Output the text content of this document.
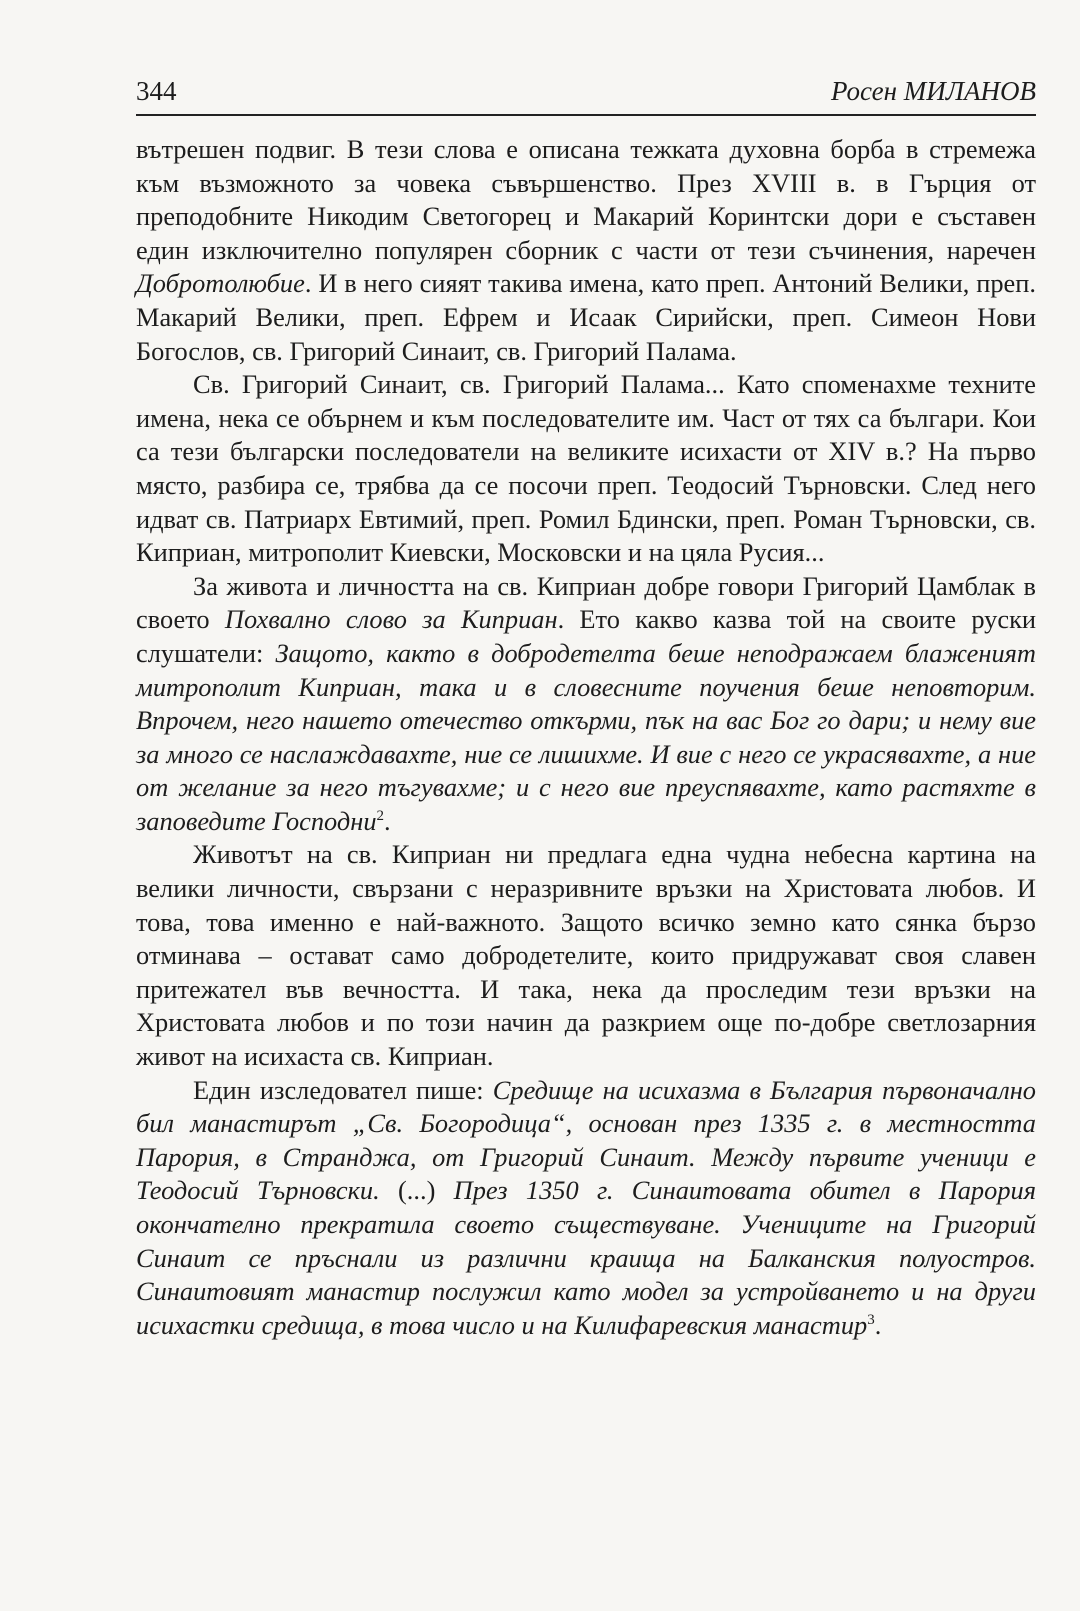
344	Росен МИЛАНОВ

вътрешен подвиг. В тези слова е описана тежката духовна борба в стремежа към възможното за човека съвършенство. През XVIII в. в Гърция от преподобните Никодим Светогорец и Макарий Коринтски дори е съставен един изключително популярен сборник с части от тези съчинения, наречен Добротолюбие. И в него сияят такива имена, като преп. Антоний Велики, преп. Макарий Велики, преп. Ефрем и Исаак Сирийски, преп. Симеон Нови Богослов, св. Григорий Синаит, св. Григорий Палама.

Св. Григорий Синаит, св. Григорий Палама... Като споменахме техните имена, нека се обърнем и към последователите им. Част от тях са българи. Кои са тези български последователи на великите исихасти от XIV в.? На първо място, разбира се, трябва да се посочи преп. Теодосий Търновски. След него идват св. Патриарх Евтимий, преп. Ромил Бдински, преп. Роман Търновски, св. Киприан, митрополит Киевски, Московски и на цяла Русия...

За живота и личността на св. Киприан добре говори Григорий Цамблак в своето Похвално слово за Киприан. Ето какво казва той на своите руски слушатели: Защото, както в добродетелта беше неподражаем блаженият митрополит Киприан, така и в словесните поучения беше неповторим. Впрочем, него нашето отечество откърми, пък на вас Бог го дари; и нему вие за много се наслаждавахте, ние се лишихме. И вие с него се украсявахте, а ние от желание за него тъгувахме; и с него вие преуспявахте, като растяхте в заповедите Господни$^2$.

Животът на св. Киприан ни предлага една чудна небесна картина на велики личности, свързани с неразривните връзки на Христовата любов. И това, това именно е най-важното. Защото всичко земно като сянка бързо отминава – остават само добродетелите, които придружават своя славен притежател във вечността. И така, нека да проследим тези връзки на Христовата любов и по този начин да разкрием още по-добре светлозарния живот на исихаста св. Киприан.

Един изследовател пише: Средище на исихазма в България първоначално бил манастирът „Св. Богородица“, основан през 1335 г. в местността Парория, в Странджа, от Григорий Синаит. Между първите ученици е Теодосий Търновски. (...) През 1350 г. Синаитовата обител в Парория окончателно прекратила своето съществуване. Учениците на Григорий Синаит се пръснали из различни краища на Балканския полуостров. Синаитовият манастир послужил като модел за устройването и на други исихастки средища, в това число и на Килифаревския манастир$^3$.
